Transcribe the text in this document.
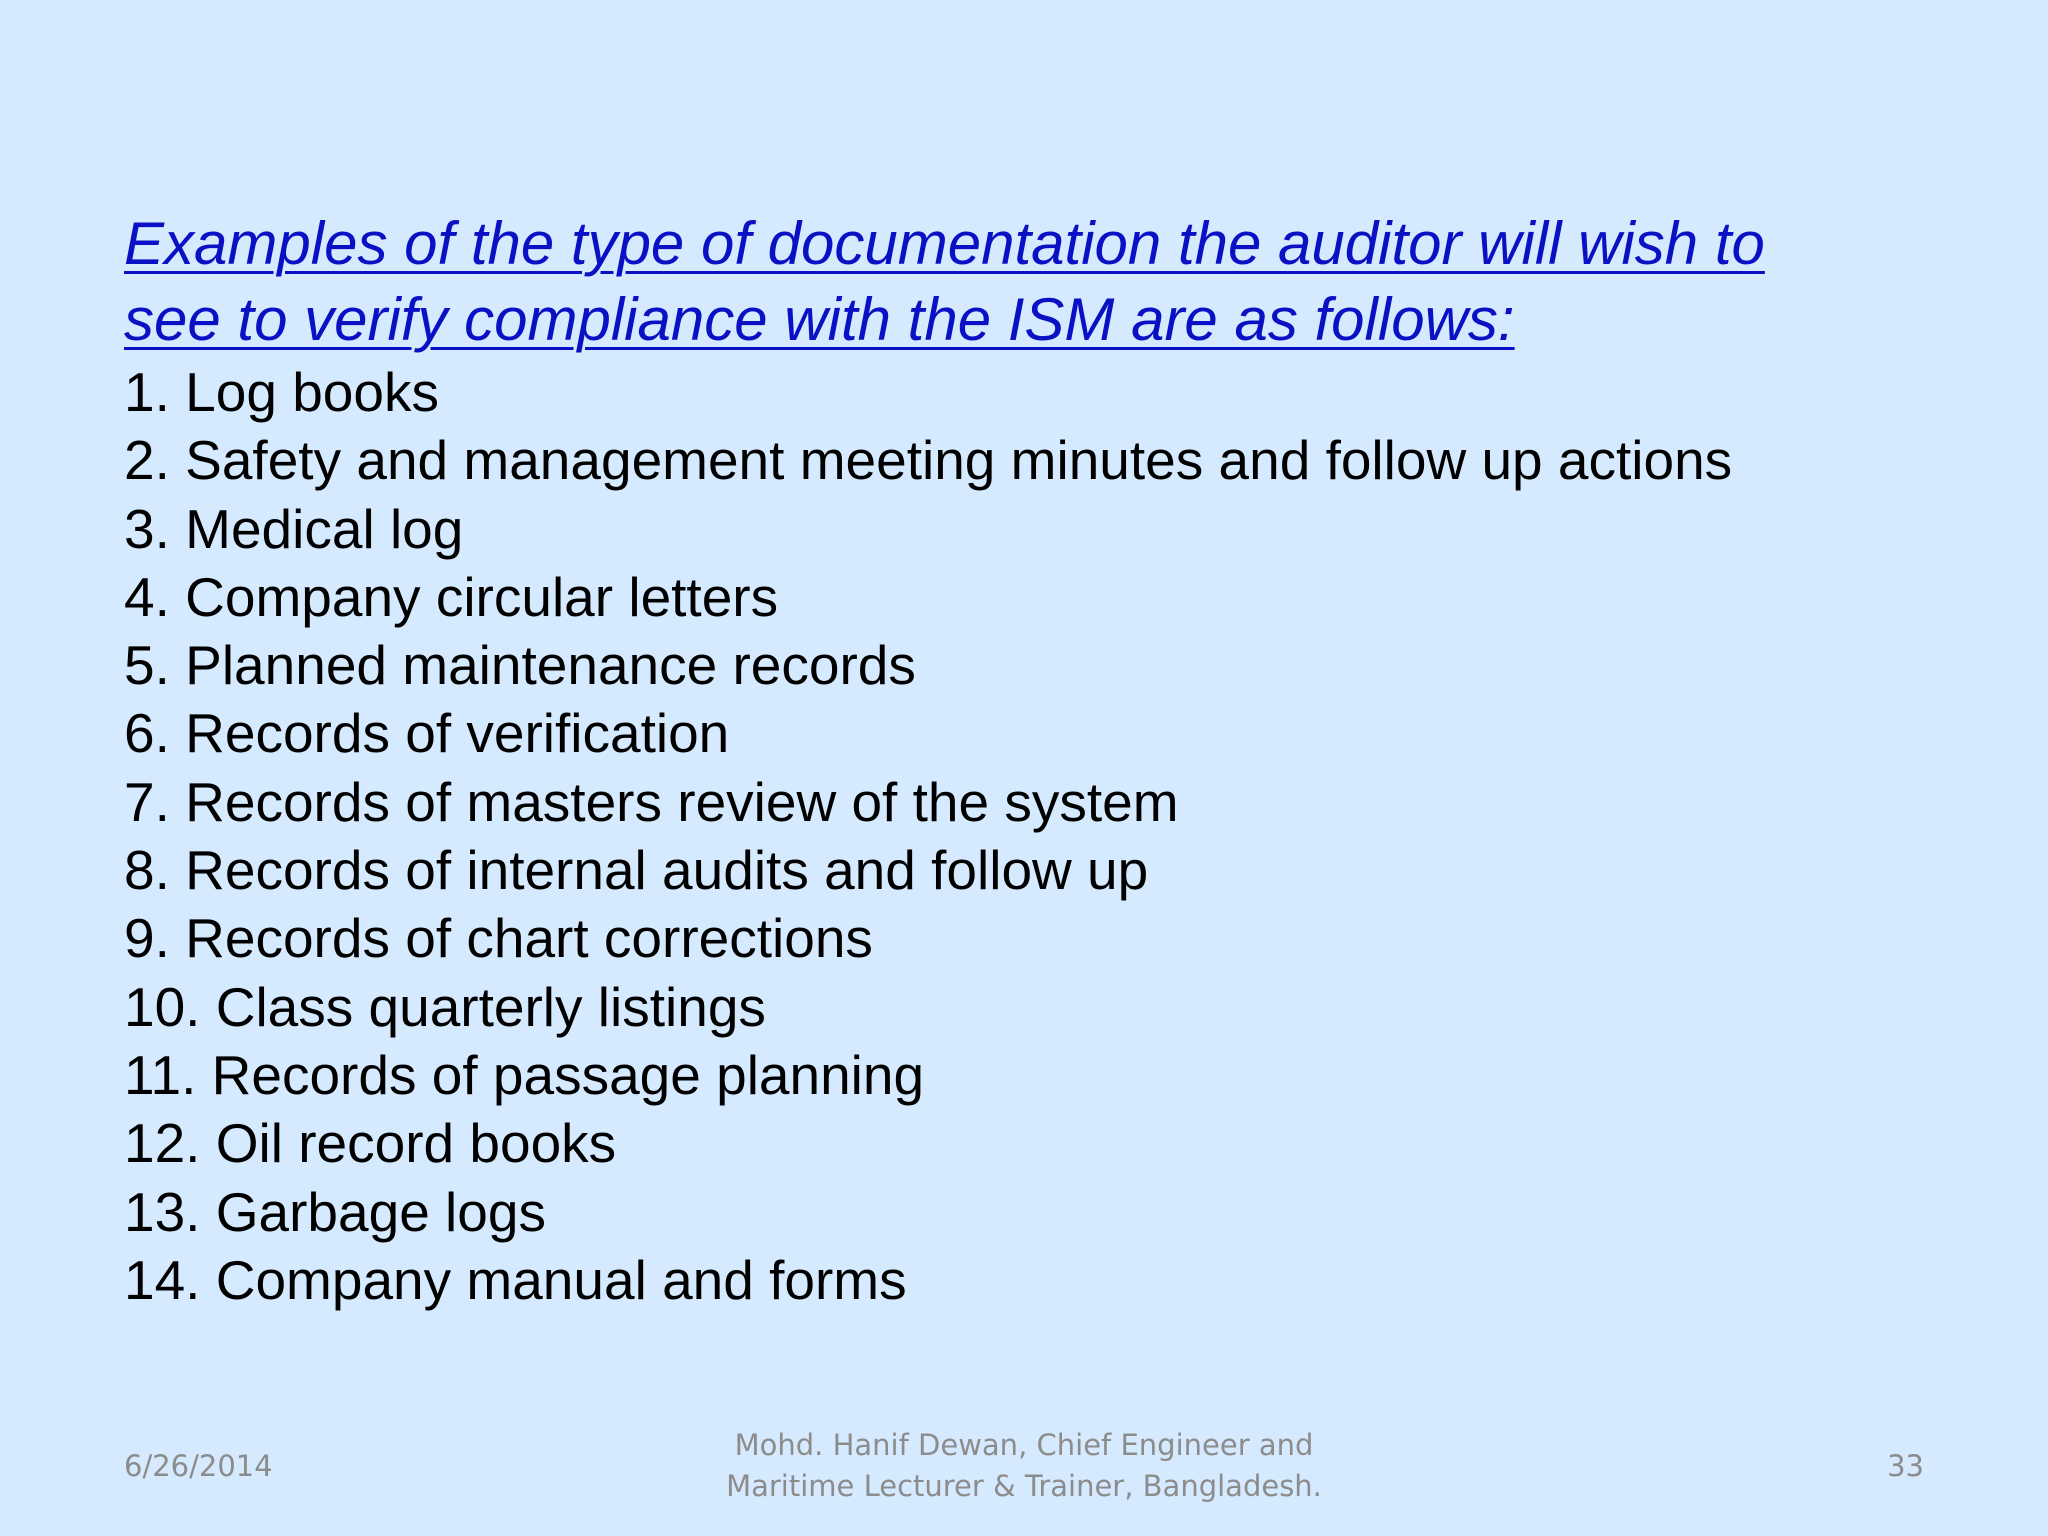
Examples of the type of documentation the auditor will wish to
see to verify compliance with the ISM are as follows:
1. Log books
2. Safety and management meeting minutes and follow up actions
3. Medical log
4. Company circular letters
5. Planned maintenance records
6. Records of verification
7. Records of masters review of the system
8. Records of internal audits and follow up
9. Records of chart corrections
10. Class quarterly listings
11. Records of passage planning
12. Oil record books
13. Garbage logs
14. Company manual and forms
6/26/2014
Mohd. Hanif Dewan, Chief Engineer and
Maritime Lecturer & Trainer, Bangladesh.
33
